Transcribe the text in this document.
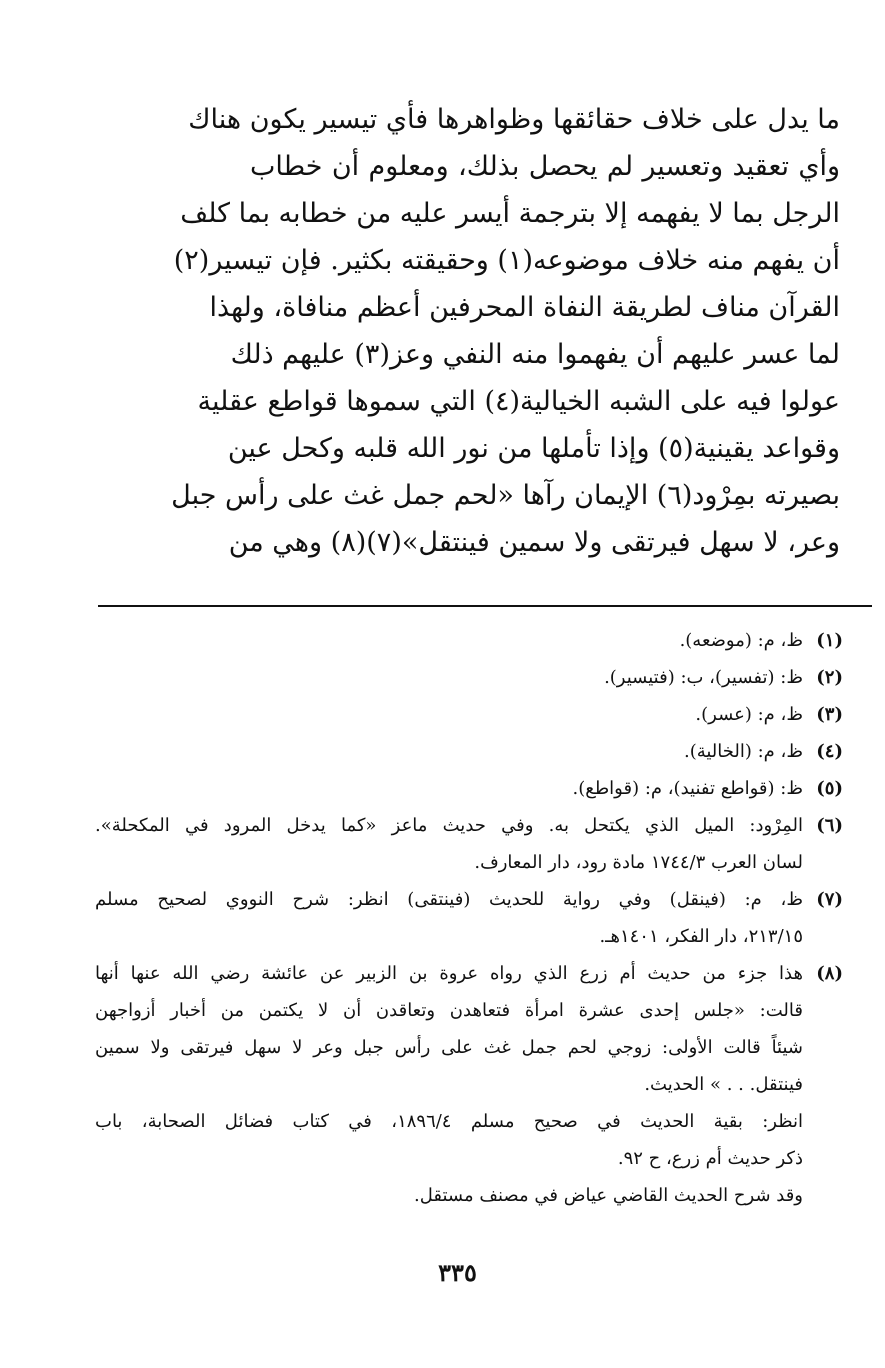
ما يدل على خلاف حقائقها وظواهرها فأي تيسير يكون هناك
وأي تعقيد وتعسير لم يحصل بذلك، ومعلوم أن خطاب
الرجل بما لا يفهمه إلا بترجمة أيسر عليه من خطابه بما كلف
أن يفهم منه خلاف موضوعه(١) وحقيقته بكثير. فإن تيسير(٢)
القرآن مناف لطريقة النفاة المحرفين أعظم منافاة، ولهذا
لما عسر عليهم أن يفهموا منه النفي وعز(٣) عليهم ذلك
عولوا فيه على الشبه الخيالية(٤) التي سموها قواطع عقلية
وقواعد يقينية(٥) وإذا تأملها من نور الله قلبه وكحل عين
بصيرته بمِرْود(٦) الإيمان رآها «لحم جمل غث على رأس جبل
وعر، لا سهل فيرتقى ولا سمين فينتقل»(٧)(٨) وهي من
(١)
ظ، م: (موضعه).
(٢)
ظ: (تفسير)، ب: (فتيسير).
(٣)
ظ، م: (عسر).
(٤)
ظ، م: (الخالية).
(٥)
ظ: (قواطع تفنيد)، م: (قواطع).
(٦)
المِرْود: الميل الذي يكتحل به. وفي حديث ماعز «كما يدخل المرود في المكحلة».
لسان العرب ١٧٤٤/٣ مادة رود، دار المعارف.
(٧)
ظ، م: (فينقل) وفي رواية للحديث (فينتقى) انظر: شرح النووي لصحيح مسلم
٢١٣/١٥، دار الفكر، ١٤٠١هـ.
(٨)
هذا جزء من حديث أم زرع الذي رواه عروة بن الزبير عن عائشة رضي الله عنها أنها
قالت: «جلس إحدى عشرة امرأة فتعاهدن وتعاقدن أن لا يكتمن من أخبار أزواجهن
شيئاً قالت الأولى: زوجي لحم جمل غث على رأس جبل وعر لا سهل فيرتقى ولا سمين
فينتقل. . . » الحديث.
انظر: بقية الحديث في صحيح مسلم ١٨٩٦/٤، في كتاب فضائل الصحابة، باب
ذكر حديث أم زرع، ح ٩٢.
وقد شرح الحديث القاضي عياض في مصنف مستقل.
٣٣٥
